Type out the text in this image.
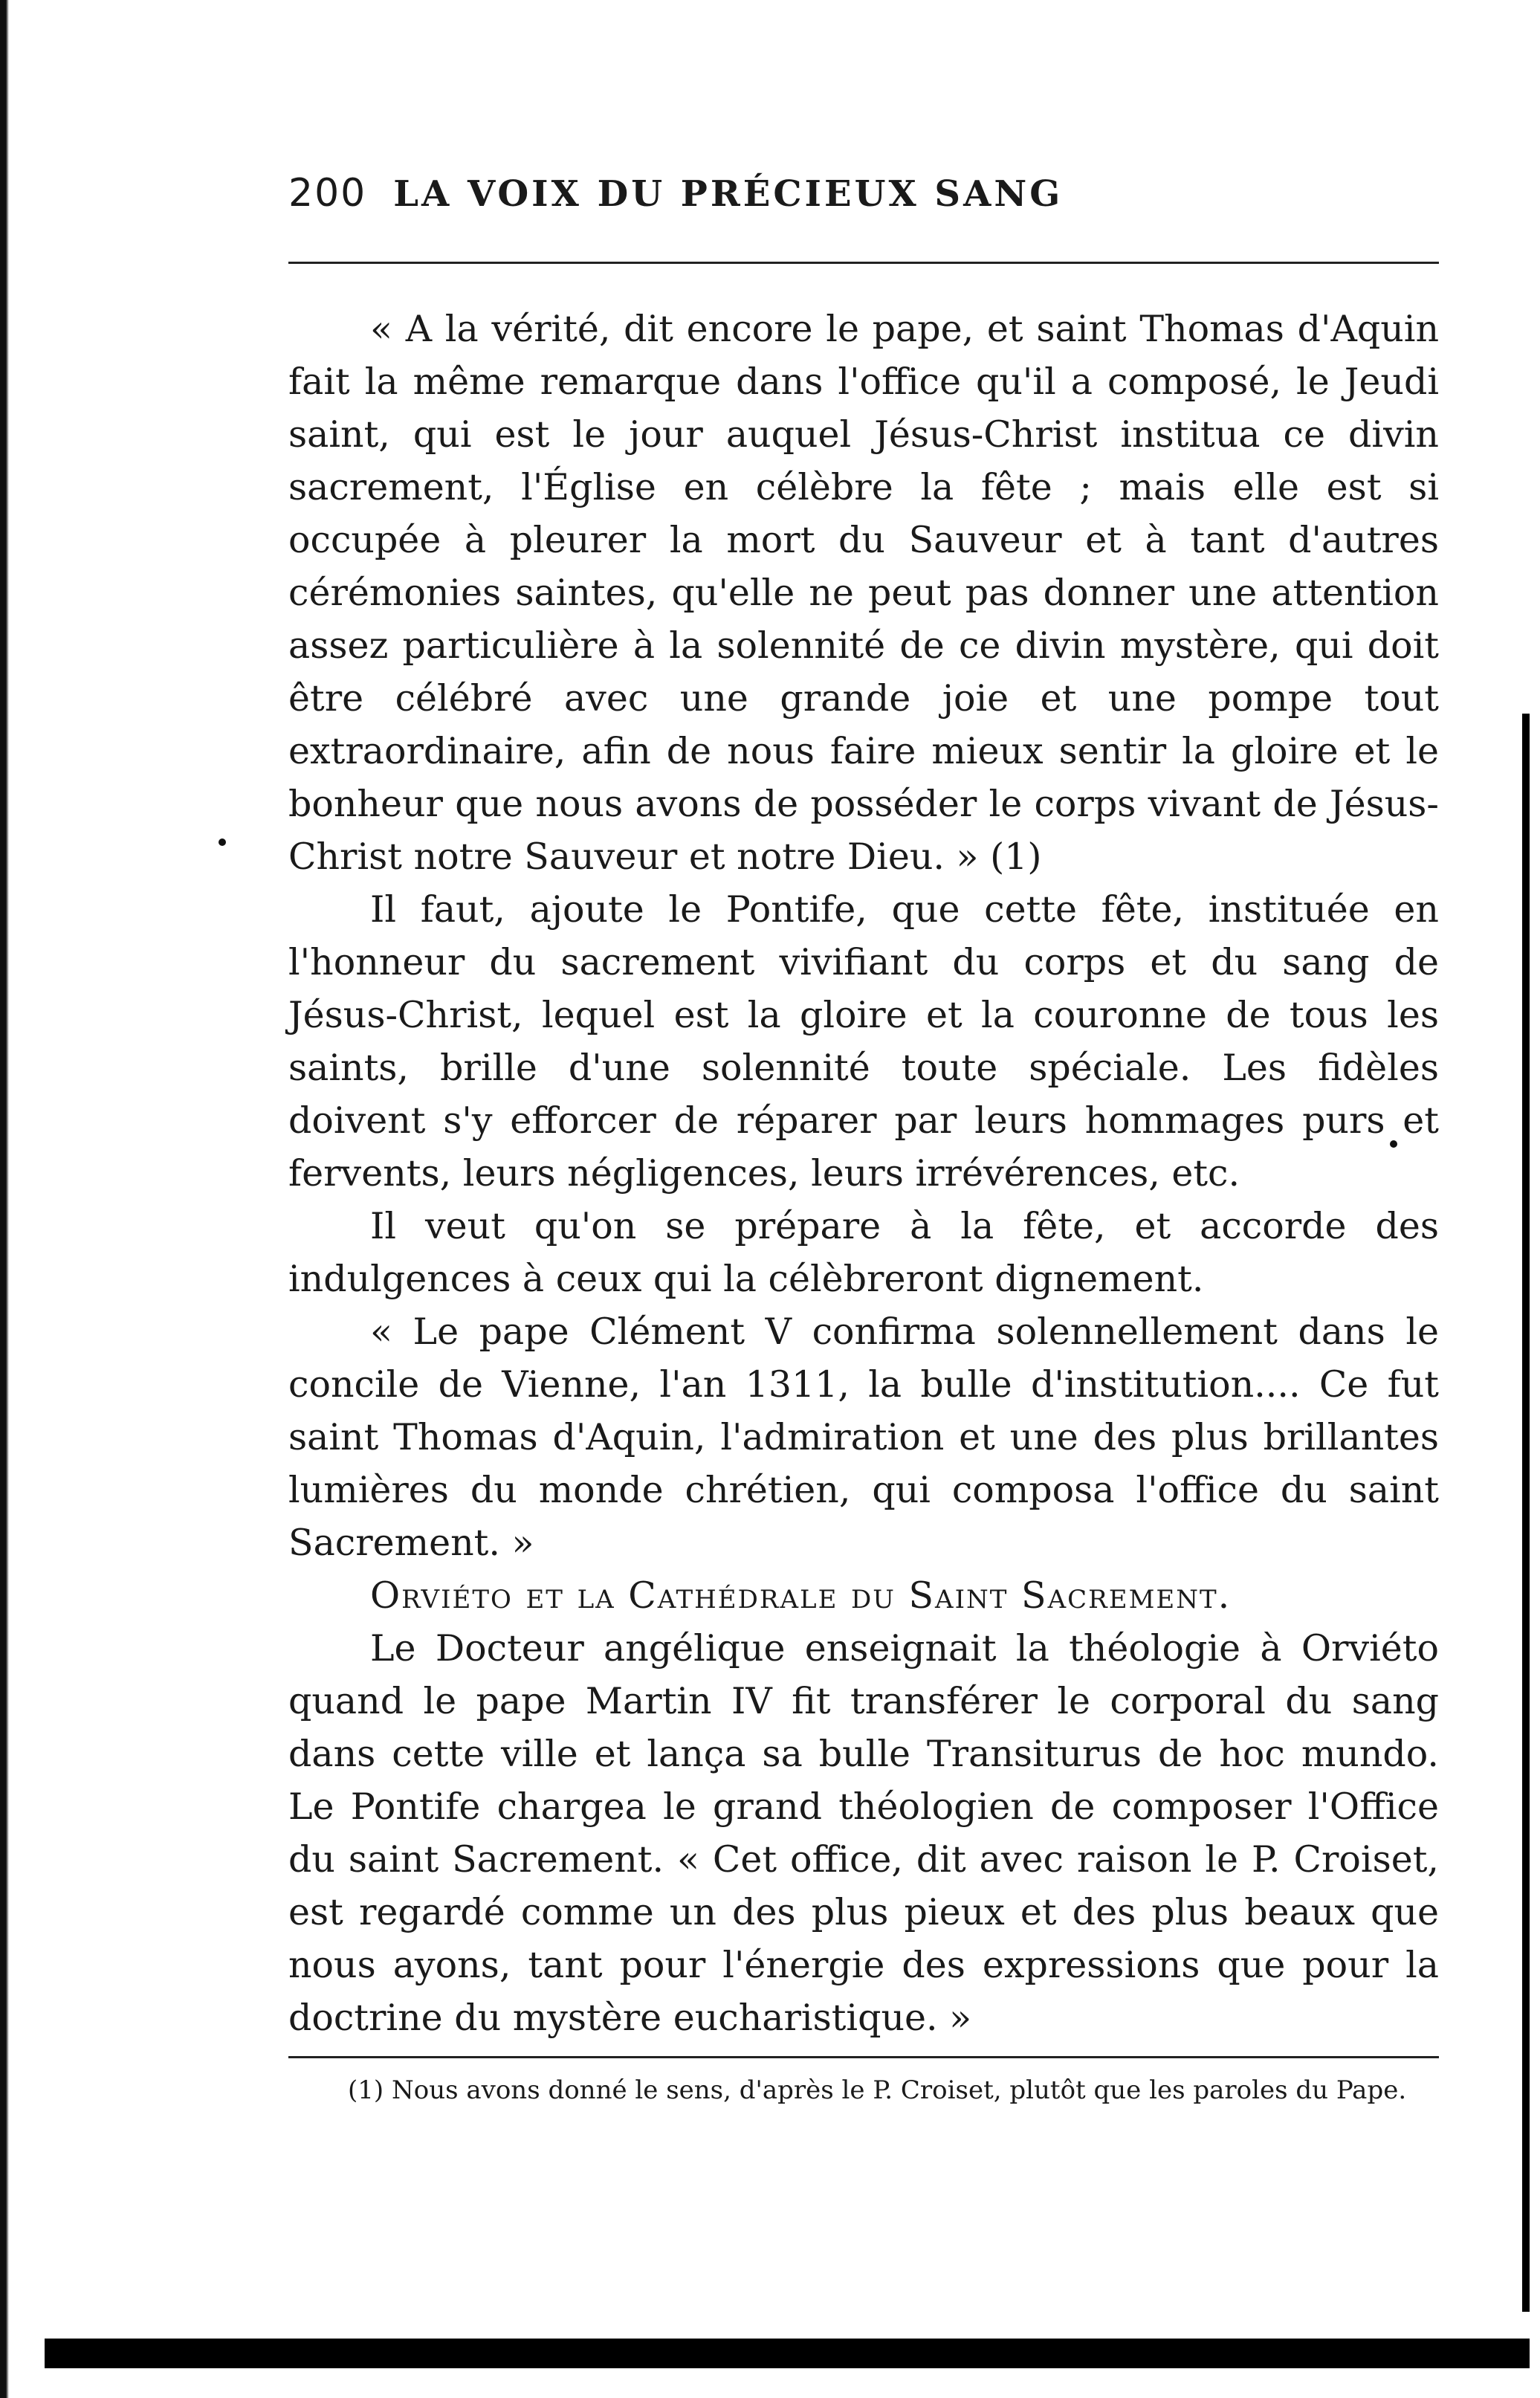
200 LA VOIX DU PRÉCIEUX SANG

« A la vérité, dit encore le pape, et saint Thomas d'Aquin fait la même remarque dans l'office qu'il a composé, le Jeudi saint, qui est le jour auquel Jésus-Christ institua ce divin sacrement, l'Église en célèbre la fête ; mais elle est si occupée à pleurer la mort du Sauveur et à tant d'autres cérémonies saintes, qu'elle ne peut pas donner une attention assez particulière à la solennité de ce divin mystère, qui doit être célébré avec une grande joie et une pompe tout extraordinaire, afin de nous faire mieux sentir la gloire et le bonheur que nous avons de posséder le corps vivant de Jésus-Christ notre Sauveur et notre Dieu. » (1)

Il faut, ajoute le Pontife, que cette fête, instituée en l'honneur du sacrement vivifiant du corps et du sang de Jésus-Christ, lequel est la gloire et la couronne de tous les saints, brille d'une solennité toute spéciale. Les fidèles doivent s'y efforcer de réparer par leurs hommages purs et fervents, leurs négligences, leurs irrévérences, etc.

Il veut qu'on se prépare à la fête, et accorde des indulgences à ceux qui la célèbreront dignement.

« Le pape Clément V confirma solennellement dans le concile de Vienne, l'an 1311, la bulle d'institution.... Ce fut saint Thomas d'Aquin, l'admiration et une des plus brillantes lumières du monde chrétien, qui composa l'office du saint Sacrement. »

Orviéto et la Cathédrale du Saint Sacrement.

Le Docteur angélique enseignait la théologie à Orviéto quand le pape Martin IV fit transférer le corporal du sang dans cette ville et lança sa bulle Transiturus de hoc mundo. Le Pontife chargea le grand théologien de composer l'Office du saint Sacrement. « Cet office, dit avec raison le P. Croiset, est regardé comme un des plus pieux et des plus beaux que nous ayons, tant pour l'énergie des expressions que pour la doctrine du mystère eucharistique. »

(1) Nous avons donné le sens, d'après le P. Croiset, plutôt que les paroles du Pape.
